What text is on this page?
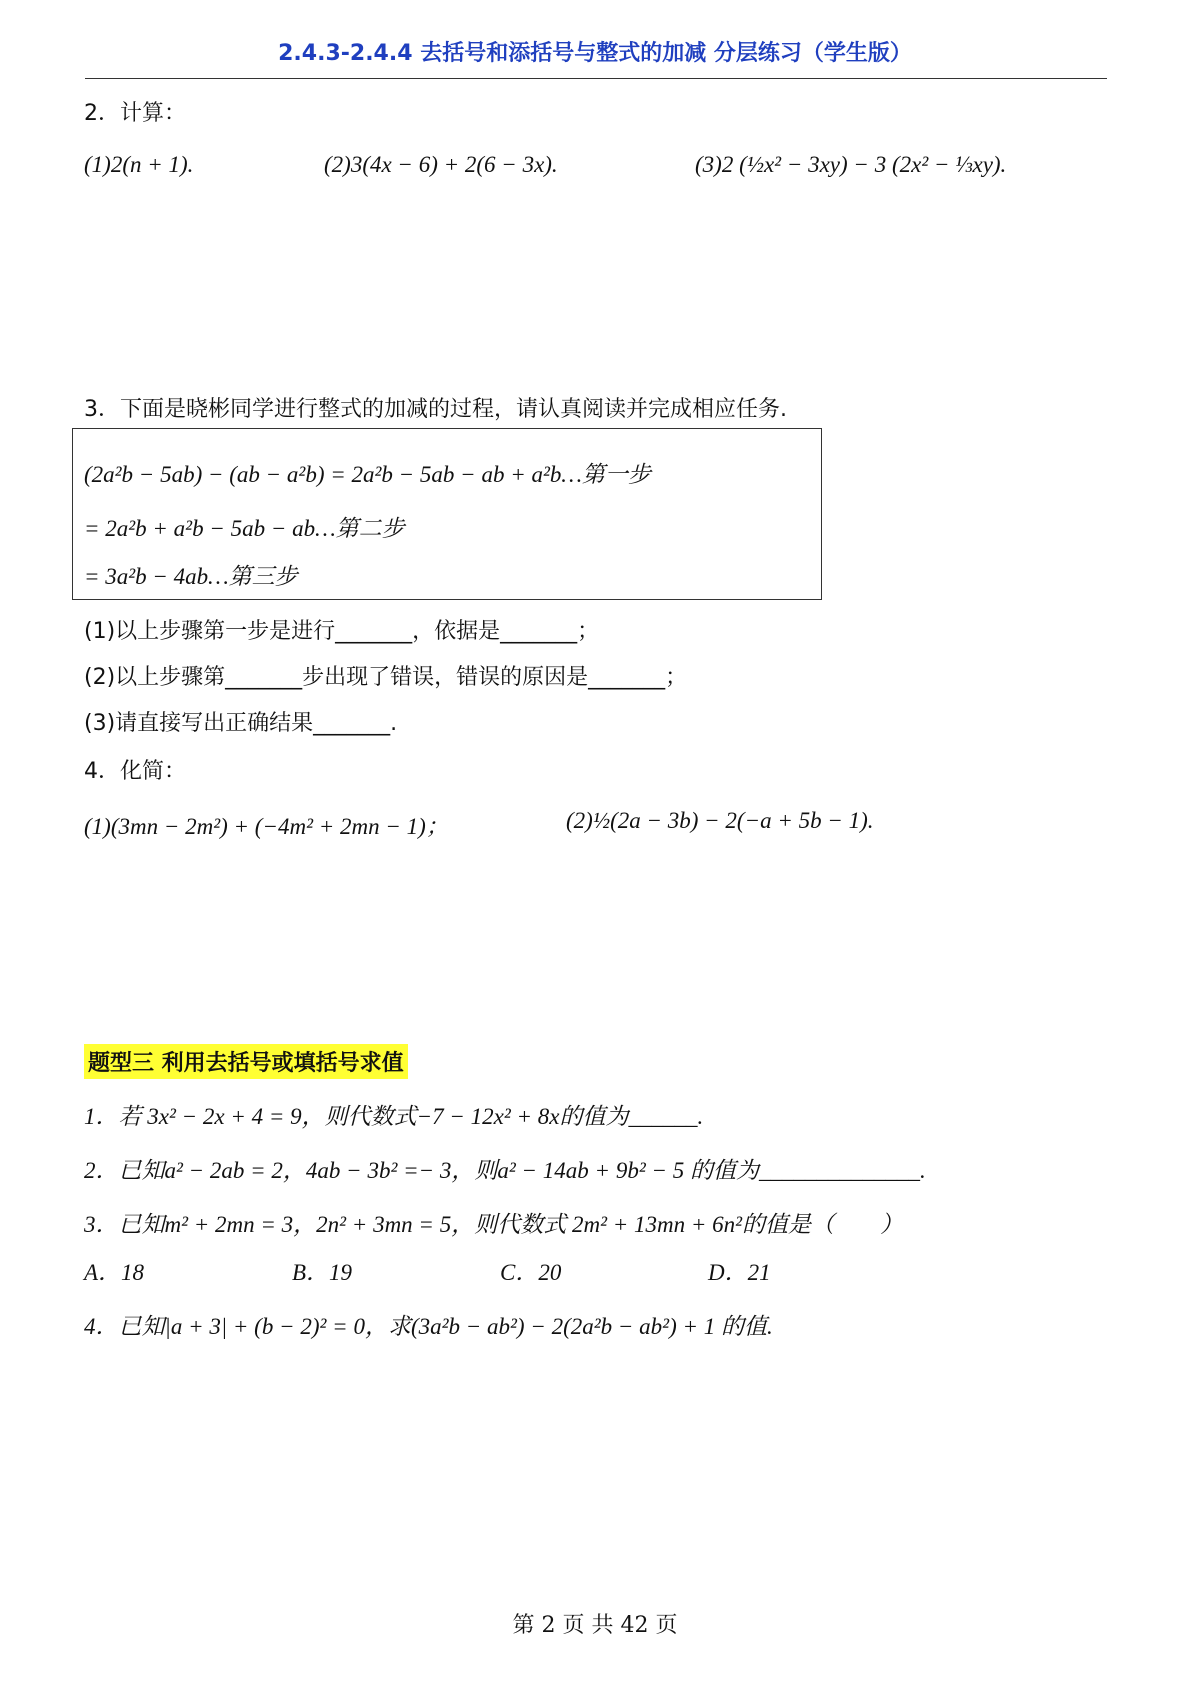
2.4.3-2.4.4 去括号和添括号与整式的加减 分层练习（学生版）
2．计算：
(1)2(n + 1).	(2)3(4x − 6) + 2(6 − 3x).	(3)2 (½x² − 3xy) − 3 (2x² − ⅓xy).
3．下面是晓彬同学进行整式的加减的过程，请认真阅读并完成相应任务.
(2a²b − 5ab) − (ab − a²b) = 2a²b − 5ab − ab + a²b…第一步
= 2a²b + a²b − 5ab − ab…第二步
= 3a²b − 4ab…第三步
(1)以上步骤第一步是进行_______，依据是_______；
(2)以上步骤第_______步出现了错误，错误的原因是_______；
(3)请直接写出正确结果_______.
4．化简：
(1)(3mn − 2m²) + (−4m² + 2mn − 1)；	(2)½(2a − 3b) − 2(−a + 5b − 1).
题型三 利用去括号或填括号求值
1．若 3x² − 2x + 4 = 9，则代数式−7 − 12x² + 8x的值为______.
2．已知a² − 2ab = 2，4ab − 3b² =− 3，则a² − 14ab + 9b² − 5 的值为______________.
3．已知m² + 2mn = 3，2n² + 3mn = 5，则代数式 2m² + 13mn + 6n²的值是（　　）
A．18	B．19	C．20	D．21
4．已知|a + 3| + (b − 2)² = 0，求(3a²b − ab²) − 2(2a²b − ab²) + 1 的值.
第 2 页 共 42 页
